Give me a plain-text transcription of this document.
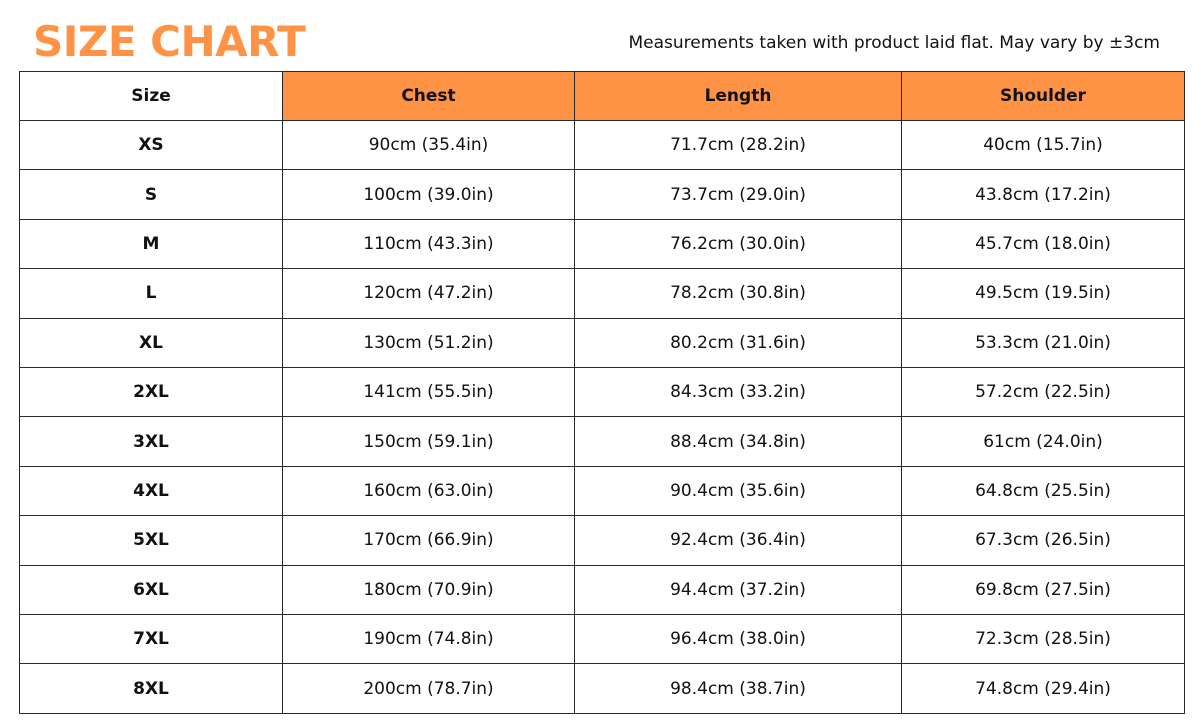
SIZE CHART	Measurements taken with product laid flat. May vary by ±3cm
Size	Chest	Length	Shoulder
XS	90cm (35.4in)	71.7cm (28.2in)	40cm (15.7in)
S	100cm (39.0in)	73.7cm (29.0in)	43.8cm (17.2in)
M	110cm (43.3in)	76.2cm (30.0in)	45.7cm (18.0in)
L	120cm (47.2in)	78.2cm (30.8in)	49.5cm (19.5in)
XL	130cm (51.2in)	80.2cm (31.6in)	53.3cm (21.0in)
2XL	141cm (55.5in)	84.3cm (33.2in)	57.2cm (22.5in)
3XL	150cm (59.1in)	88.4cm (34.8in)	61cm (24.0in)
4XL	160cm (63.0in)	90.4cm (35.6in)	64.8cm (25.5in)
5XL	170cm (66.9in)	92.4cm (36.4in)	67.3cm (26.5in)
6XL	180cm (70.9in)	94.4cm (37.2in)	69.8cm (27.5in)
7XL	190cm (74.8in)	96.4cm (38.0in)	72.3cm (28.5in)
8XL	200cm (78.7in)	98.4cm (38.7in)	74.8cm (29.4in)
